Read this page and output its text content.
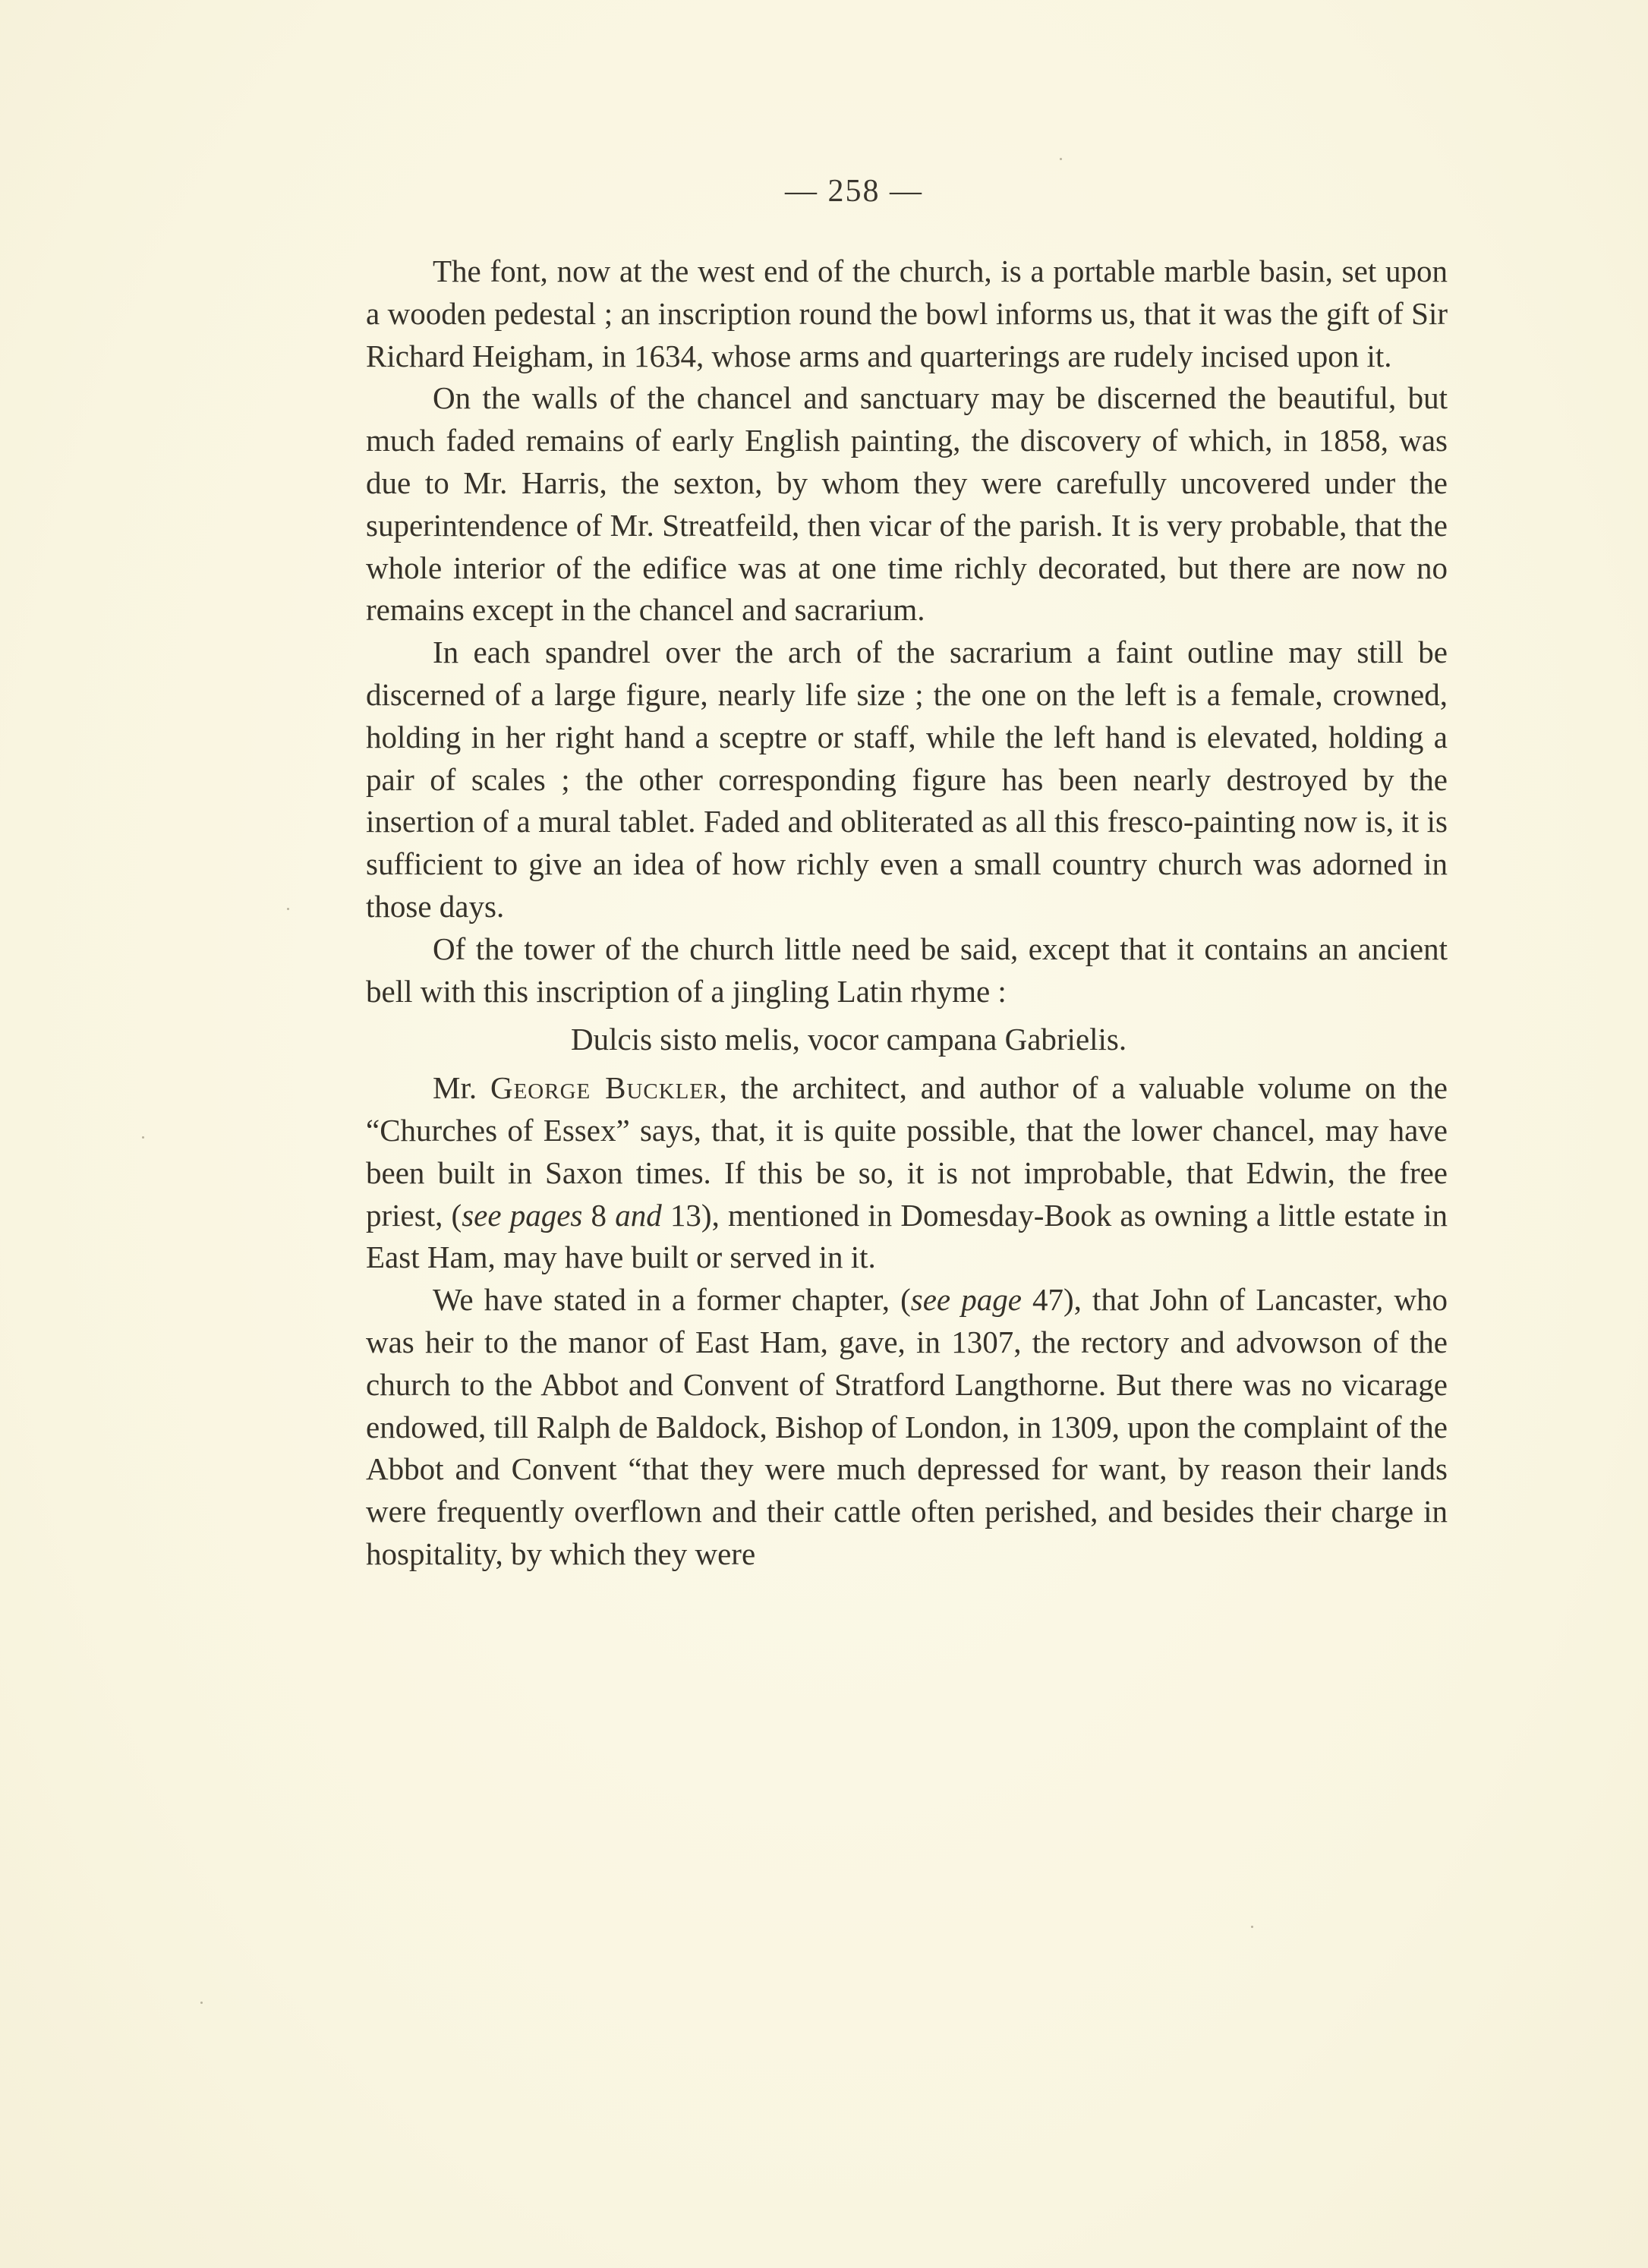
— 258 —

The font, now at the west end of the church, is a portable marble basin, set upon a wooden pedestal ; an inscription round the bowl informs us, that it was the gift of Sir Richard Heigham, in 1634, whose arms and quarterings are rudely incised upon it.

On the walls of the chancel and sanctuary may be discerned the beautiful, but much faded remains of early English painting, the discovery of which, in 1858, was due to Mr. Harris, the sexton, by whom they were carefully uncovered under the superintendence of Mr. Streatfeild, then vicar of the parish. It is very probable, that the whole interior of the edifice was at one time richly decorated, but there are now no remains except in the chancel and sacrarium.

In each spandrel over the arch of the sacrarium a faint outline may still be discerned of a large figure, nearly life size ; the one on the left is a female, crowned, holding in her right hand a sceptre or staff, while the left hand is elevated, holding a pair of scales ; the other corresponding figure has been nearly destroyed by the insertion of a mural tablet. Faded and obliterated as all this fresco-painting now is, it is sufficient to give an idea of how richly even a small country church was adorned in those days.

Of the tower of the church little need be said, except that it contains an ancient bell with this inscription of a jingling Latin rhyme :

Dulcis sisto melis, vocor campana Gabrielis.

Mr. George Buckler, the architect, and author of a valuable volume on the “Churches of Essex” says, that, it is quite possible, that the lower chancel, may have been built in Saxon times. If this be so, it is not improbable, that Edwin, the free priest, (see pages 8 and 13), mentioned in Domesday-Book as owning a little estate in East Ham, may have built or served in it.

We have stated in a former chapter, (see page 47), that John of Lancaster, who was heir to the manor of East Ham, gave, in 1307, the rectory and advowson of the church to the Abbot and Convent of Stratford Langthorne. But there was no vicarage endowed, till Ralph de Baldock, Bishop of London, in 1309, upon the complaint of the Abbot and Convent “that they were much depressed for want, by reason their lands were frequently overflown and their cattle often perished, and besides their charge in hospitality, by which they were
